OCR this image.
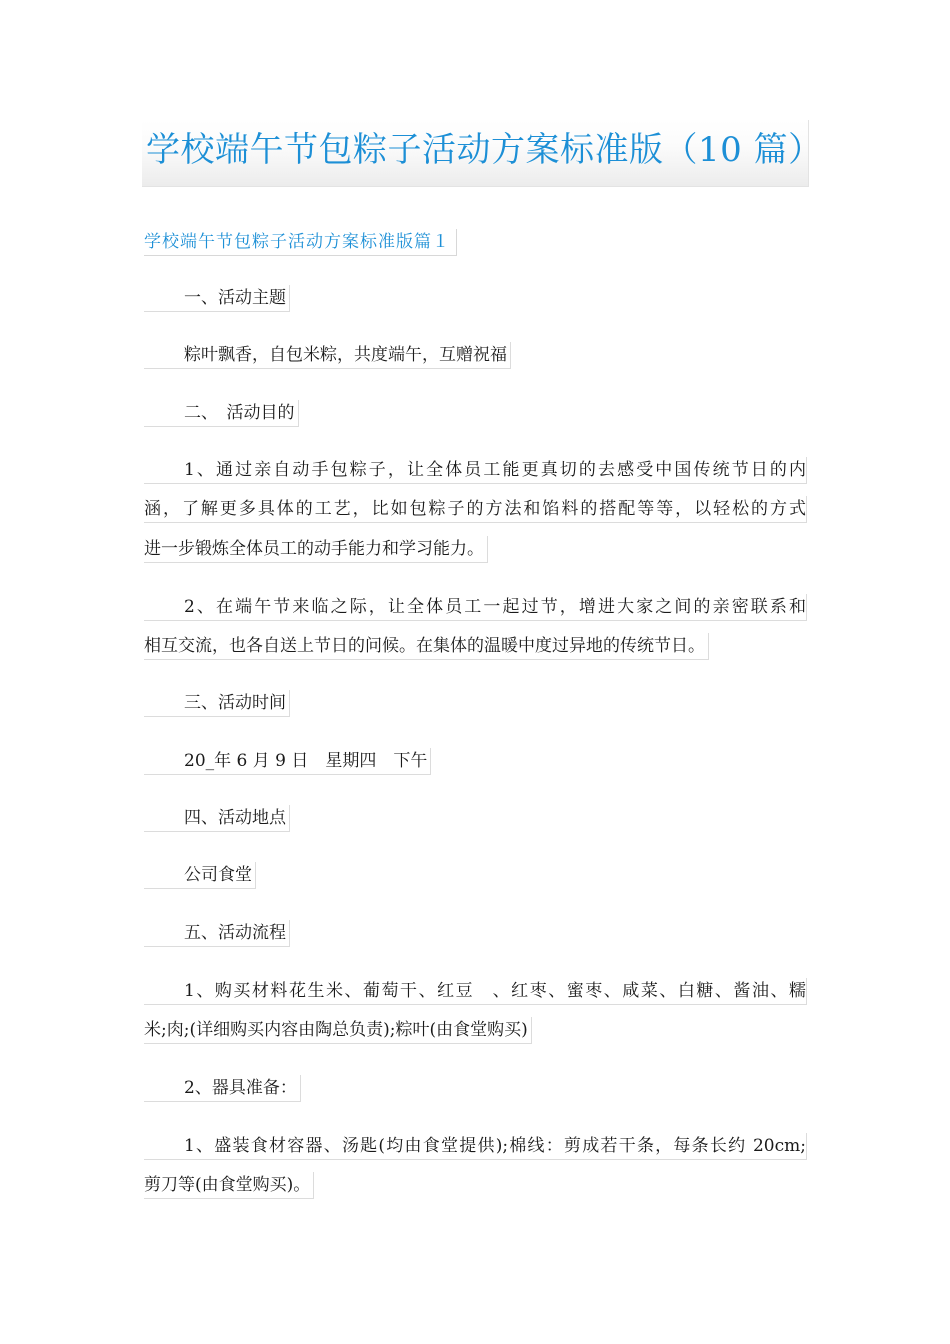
学校端午节包粽子活动方案标准版（10 篇）
学校端午节包粽子活动方案标准版篇１
一、活动主题
粽叶飘香，自包米粽，共度端午，互赠祝福
二、　活动目的
1、通过亲自动手包粽子，让全体员工能更真切的去感受中国传统节日的内
涵，了解更多具体的工艺，比如包粽子的方法和馅料的搭配等等，以轻松的方式
进一步锻炼全体员工的动手能力和学习能力。
2、在端午节来临之际，让全体员工一起过节，增进大家之间的亲密联系和
相互交流，也各自送上节日的问候。在集体的温暖中度过异地的传统节日。
三、活动时间
20_年 6 月 9 日　星期四　下午
四、活动地点
公司食堂
五、活动流程
1、购买材料花生米、葡萄干、红豆　、红枣、蜜枣、咸菜、白糖、酱油、糯
米;肉;(详细购买内容由陶总负责);粽叶(由食堂购买)
2、器具准备：
1、盛装食材容器、汤匙(均由食堂提供);棉线：剪成若干条，每条长约 20cm;
剪刀等(由食堂购买)。
